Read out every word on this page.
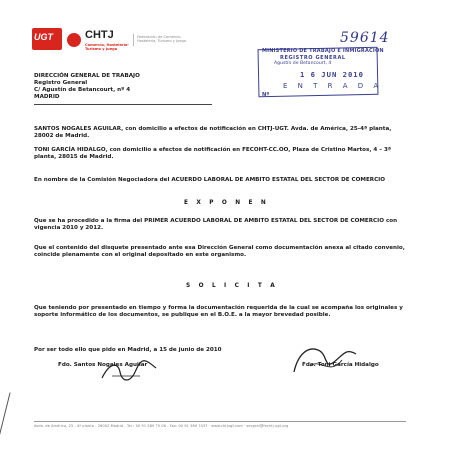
UGT	CHTJ
Comercio, Hostelería-
Turismo y Juego
Federación de Comercio,
Hostelería, Turismo y Juego	59614
MINISTERIO DE TRABAJO E INMIGRACIÓN
REGISTRO GENERAL
Agustín de Betancourt, 4
1 6 JUN 2010
E N T R A D A
Nº
DIRECCIÓN GENERAL DE TRABAJO
Registro General
C/ Agustín de Betancourt, nº 4
MADRID
SANTOS NOGALES AGUILAR, con domicilio a efectos de notificación en CHTJ-UGT. Avda. de América, 25-4ª planta, 28002 de Madrid.
TONI GARCÍA HIDALGO, con domicilio a efectos de notificación en FECOHT-CC.OO, Plaza de Cristino Martos, 4 – 3ª planta, 28015 de Madrid.
En nombre de la Comisión Negociadora del ACUERDO LABORAL DE AMBITO ESTATAL DEL SECTOR DE COMERCIO
E X P O N E N
Que se ha procedido a la firma del PRIMER ACUERDO LABORAL DE AMBITO ESTATAL DEL SECTOR DE COMERCIO con vigencia 2010 y 2012.
Que el contenido del disquete presentado ante esa Dirección General como documentación anexa al citado convenio, coincide plenamente con el original depositado en este organismo.
S O L I C I T A
Que teniendo por presentado en tiempo y forma la documentación requerida de la cual se acompaña los originales y soporte informático de los documentos, se publique en el B.O.E. a la mayor brevedad posible.
Por ser todo ello que pido en Madrid, a 15 de junio de 2010
Fdo. Santos Nogales Aguilar	Fdo. Toni García Hidalgo
Avda. de América, 25 - 4ª planta - 28002 Madrid - Tel.: 00 91 589 75 06 - Fax: 00 91 589 7437 · www.chtjugt.com · secgral@fechtj.ugt.org
